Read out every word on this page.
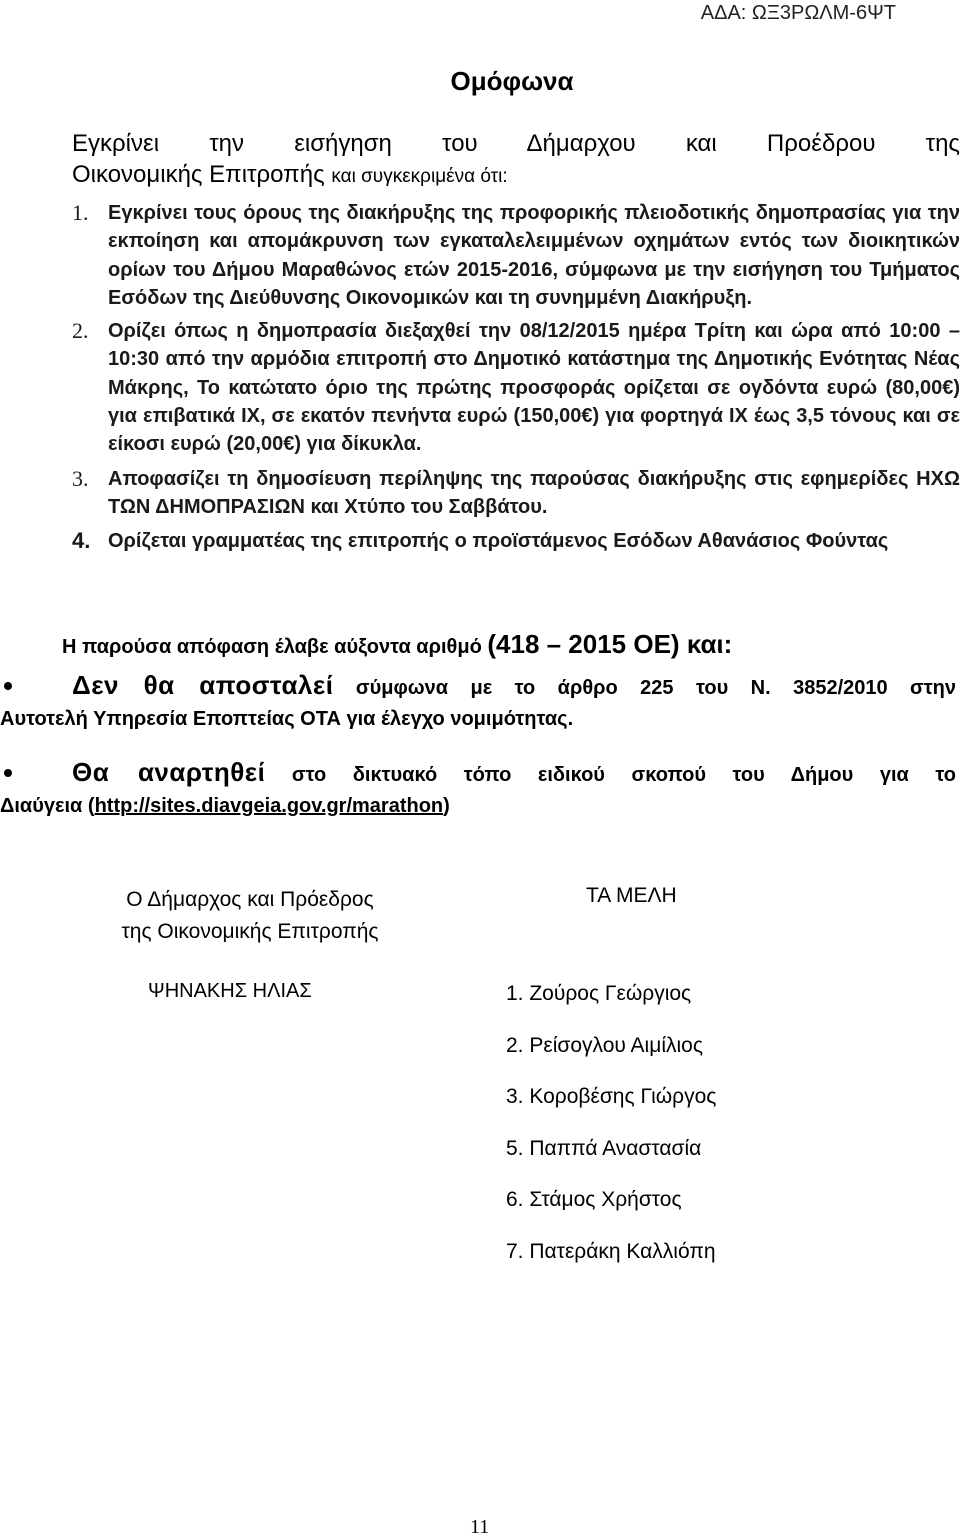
ΑΔΑ: ΩΞ3ΡΩΛΜ-6ΨΤ
Ομόφωνα
Εγκρίνει την εισήγηση του Δήμαρχου και Προέδρου της
Οικονομικής Επιτροπής και συγκεκριμένα ότι:
1. Εγκρίνει τους όρους της διακήρυξης της προφορικής πλειοδοτικής δημοπρασίας για την εκποίηση και απομάκρυνση των εγκαταλελειμμένων οχημάτων εντός των διοικητικών ορίων του Δήμου Μαραθώνος ετών 2015-2016, σύμφωνα με την εισήγηση του Τμήματος Εσόδων της Διεύθυνσης Οικονομικών και τη συνημμένη Διακήρυξη.
2. Ορίζει όπως η δημοπρασία διεξαχθεί την 08/12/2015 ημέρα Τρίτη και ώρα από 10:00 – 10:30 από την αρμόδια επιτροπή στο Δημοτικό κατάστημα της Δημοτικής Ενότητας Νέας Μάκρης, Το κατώτατο όριο της πρώτης προσφοράς ορίζεται σε ογδόντα ευρώ (80,00€) για επιβατικά ΙΧ, σε εκατόν πενήντα ευρώ (150,00€) για φορτηγά ΙΧ έως 3,5 τόνους και σε είκοσι ευρώ (20,00€) για δίκυκλα.
3. Αποφασίζει τη δημοσίευση περίληψης της παρούσας διακήρυξης στις εφημερίδες ΗΧΩ ΤΩΝ ΔΗΜΟΠΡΑΣΙΩΝ και Χτύπο του Σαββάτου.
4. Ορίζεται γραμματέας της επιτροπής ο προϊστάμενος Εσόδων Αθανάσιος Φούντας
Η παρούσα απόφαση έλαβε αύξοντα αριθμό (418 – 2015 ΟΕ) και:
Δεν θα αποσταλεί σύμφωνα με το άρθρο 225 του Ν. 3852/2010 στην
Αυτοτελή Υπηρεσία Εποπτείας ΟΤΑ για έλεγχο νομιμότητας.
Θα αναρτηθεί στο δικτυακό τόπο ειδικού σκοπού του Δήμου για το
Διαύγεια (http://sites.diavgeia.gov.gr/marathon)
Ο Δήμαρχος και Πρόεδρος
της Οικονομικής Επιτροπής
ΤΑ ΜΕΛΗ
ΨΗΝΑΚΗΣ ΗΛΙΑΣ	1. Ζούρος Γεώργιος
2. Ρείσογλου Αιμίλιος
3. Κοροβέσης Γιώργος
5. Παππά Αναστασία
6. Στάμος Χρήστος
7. Πατεράκη Καλλιόπη
11
